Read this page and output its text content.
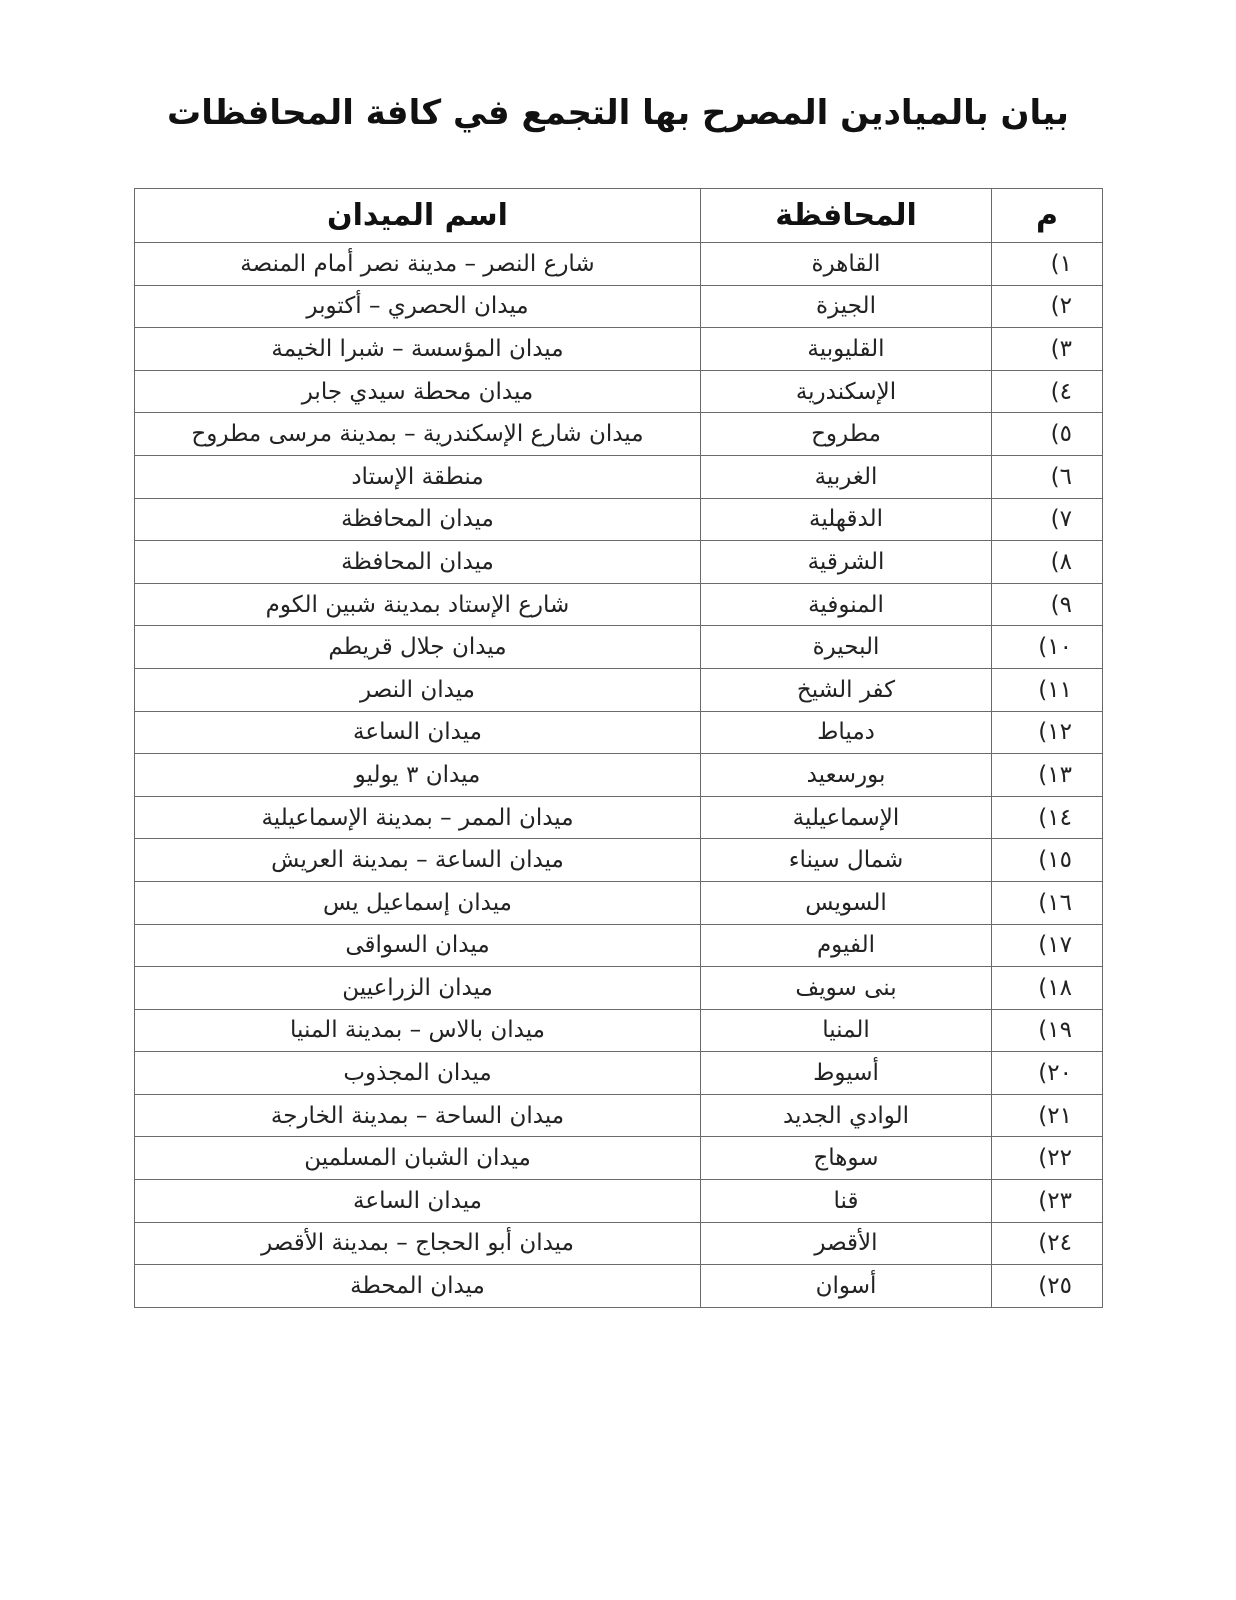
بيان بالميادين المصرح بها التجمع في كافة المحافظات
م	المحافظة	اسم الميدان
١)	القاهرة	شارع النصر – مدينة نصر أمام المنصة
٢)	الجيزة	ميدان الحصري – أكتوبر
٣)	القليوبية	ميدان المؤسسة – شبرا الخيمة
٤)	الإسكندرية	ميدان محطة سيدي جابر
٥)	مطروح	ميدان شارع الإسكندرية – بمدينة مرسى مطروح
٦)	الغربية	منطقة الإستاد
٧)	الدقهلية	ميدان المحافظة
٨)	الشرقية	ميدان المحافظة
٩)	المنوفية	شارع الإستاد بمدينة شبين الكوم
١٠)	البحيرة	ميدان جلال قريطم
١١)	كفر الشيخ	ميدان النصر
١٢)	دمياط	ميدان الساعة
١٣)	بورسعيد	ميدان ٣ يوليو
١٤)	الإسماعيلية	ميدان الممر – بمدينة الإسماعيلية
١٥)	شمال سيناء	ميدان الساعة – بمدينة العريش
١٦)	السويس	ميدان إسماعيل يس
١٧)	الفيوم	ميدان السواقى
١٨)	بنى سويف	ميدان الزراعيين
١٩)	المنيا	ميدان بالاس – بمدينة المنيا
٢٠)	أسيوط	ميدان المجذوب
٢١)	الوادي الجديد	ميدان الساحة – بمدينة الخارجة
٢٢)	سوهاج	ميدان الشبان المسلمين
٢٣)	قنا	ميدان الساعة
٢٤)	الأقصر	ميدان أبو الحجاج – بمدينة الأقصر
٢٥)	أسوان	ميدان المحطة
